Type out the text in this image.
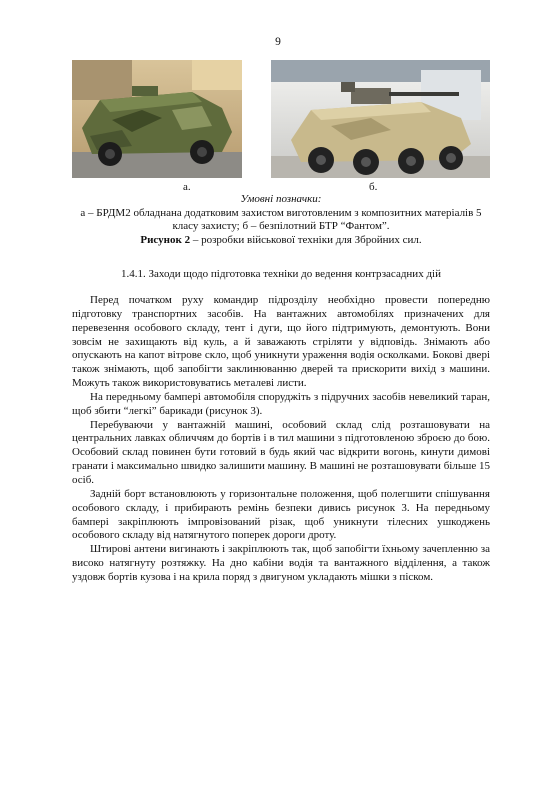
9
а.	б.
Умовні позначки:
а – БРДМ2 обладнана додатковим захистом виготовленим з композитних матеріалів 5 класу захисту; б – безпілотний БТР “Фантом”.
Рисунок 2 – розробки військової техніки для Збройних сил.
1.4.1. Заходи щодо підготовка техніки до ведення контрзасадних дій

Перед початком руху командир підрозділу необхідно провести попередню підготовку транспортних засобів. На вантажних автомобілях призначених для перевезення особового складу, тент і дуги, що його підтримують, демонтують. Вони зовсім не захищають від куль, а й заважають стріляти у відповідь. Знімають або опускають на капот вітрове скло, щоб уникнути ураження водія осколками. Бокові двері також знімають, щоб запобігти заклинюванню дверей та прискорити вихід з машини. Можуть також використовуватись металеві листи.

На передньому бампері автомобіля споруджіть з підручних засобів невеликий таран, щоб збити “легкі” барикади (рисунок 3).

Перебуваючи у вантажній машині, особовий склад слід розташовувати на центральних лавках обличчям до бортів і в тил машини з підготовленою зброєю до бою. Особовий склад повинен бути готовий в будь який час відкрити вогонь, кинути димові гранати і максимально швидко залишити машину. В машині не розташовувати більше 15 осіб.

Задній борт встановлюють у горизонтальне положення, щоб полегшити спішування особового складу, і прибирають ремінь безпеки дивись рисунок 3. На передньому бампері закріплюють імпровізований різак, щоб уникнути тілесних ушкоджень особового складу від натягнутого поперек дороги дроту.

Штирові антени вигинають і закріплюють так, щоб запобігти їхньому зачепленню за високо натягнуту розтяжку. На дно кабіни водія та вантажного відділення, а також уздовж бортів кузова і на крила поряд з двигуном укладають мішки з піском.
